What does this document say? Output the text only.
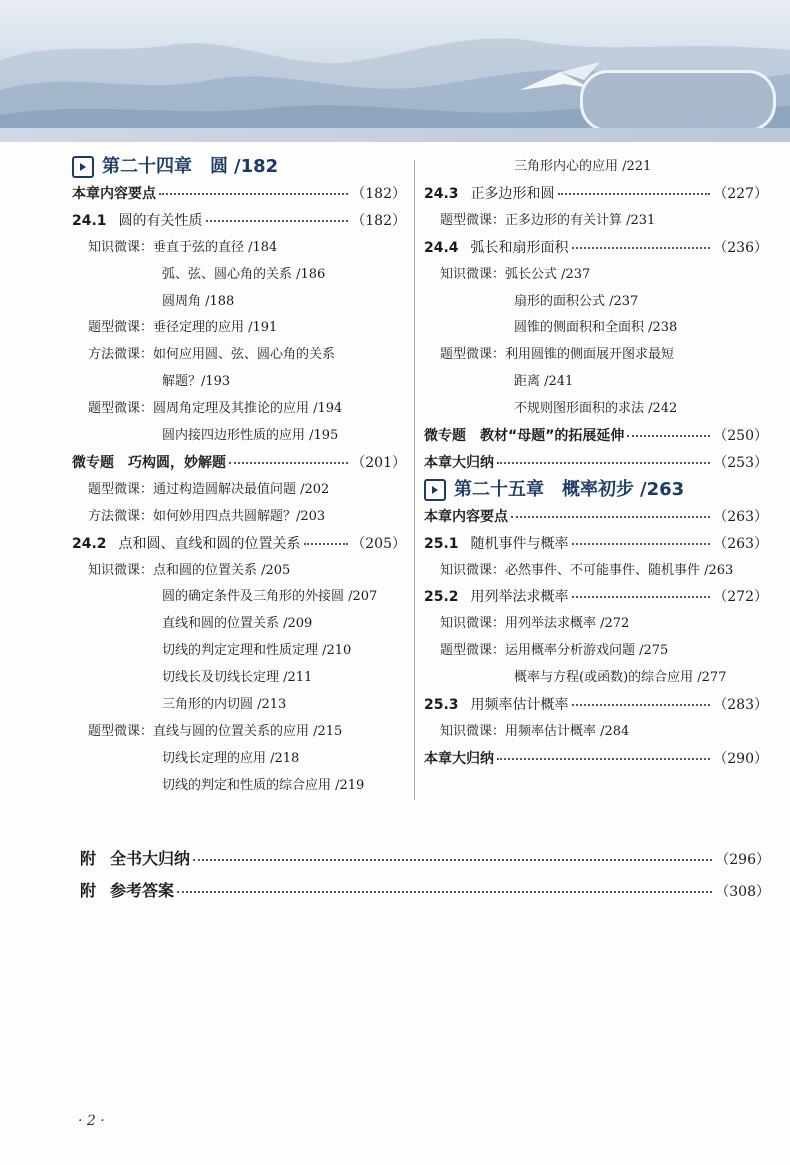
第二十四章　圆 /182
本章内容要点	（182）
24.1 圆的有关性质	（182）
知识微课：垂直于弦的直径 /184
弧、弦、圆心角的关系 /186
圆周角 /188
题型微课：垂径定理的应用 /191
方法微课：如何应用圆、弦、圆心角的关系
解题？/193
题型微课：圆周角定理及其推论的应用 /194
圆内接四边形性质的应用 /195
微专题　巧构圆，妙解题	（201）
题型微课：通过构造圆解决最值问题 /202
方法微课：如何妙用四点共圆解题？/203
24.2 点和圆、直线和圆的位置关系	（205）
知识微课：点和圆的位置关系 /205
圆的确定条件及三角形的外接圆 /207
直线和圆的位置关系 /209
切线的判定定理和性质定理 /210
切线长及切线长定理 /211
三角形的内切圆 /213
题型微课：直线与圆的位置关系的应用 /215
切线长定理的应用 /218
切线的判定和性质的综合应用 /219
三角形内心的应用 /221
24.3 正多边形和圆	（227）
题型微课：正多边形的有关计算 /231
24.4 弧长和扇形面积	（236）
知识微课：弧长公式 /237
扇形的面积公式 /237
圆锥的侧面积和全面积 /238
题型微课：利用圆锥的侧面展开图求最短
距离 /241
不规则图形面积的求法 /242
微专题　教材“母题”的拓展延伸	（250）
本章大归纳	（253）
第二十五章　概率初步 /263
本章内容要点	（263）
25.1 随机事件与概率	（263）
知识微课：必然事件、不可能事件、随机事件 /263
25.2 用列举法求概率	（272）
知识微课：用列举法求概率 /272
题型微课：运用概率分析游戏问题 /275
概率与方程(或函数)的综合应用 /277
25.3 用频率估计概率	（283）
知识微课：用频率估计概率 /284
本章大归纳	（290）
附 全书大归纳	（296）
附 参考答案	（308）
· 2 ·
